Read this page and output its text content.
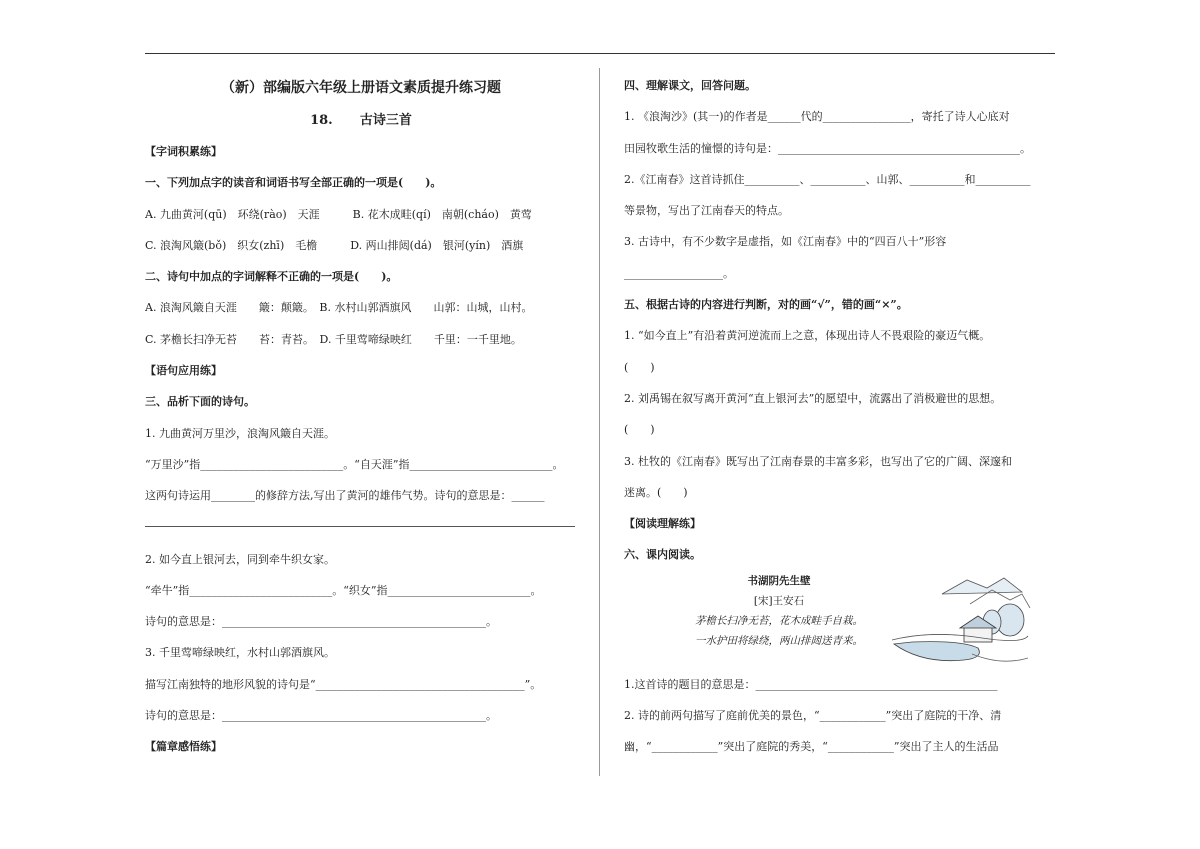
（新）部编版六年级上册语文素质提升练习题
18. 古诗三首
【字词积累练】
一、下列加点字的读音和词语书写全部正确的一项是(　　)。
A. 九曲黄河(qū)　环绕(rào)　天涯　　　B. 花木成畦(qí)　南朝(cháo)　黄莺
C. 浪淘风簸(bǒ)　织女(zhī)　毛檐　　　D. 两山排闼(dá)　银河(yín)　酒旗
二、诗句中加点的字词解释不正确的一项是(　　)。
A. 浪淘风簸自天涯　　簸：颠簸。　B. 水村山郭酒旗风　　山郭：山城，山村。
C. 茅檐长扫净无苔　　苔：青苔。　D. 千里莺啼绿映红　　千里：一千里地。
【语句应用练】
三、品析下面的诗句。
1. 九曲黄河万里沙，浪淘风簸自天涯。
“万里沙”指__________________________。“自天涯”指__________________________。
这两句诗运用________的修辞方法,写出了黄河的雄伟气势。诗句的意思是：______
2. 如今直上银河去，同到牵牛织女家。
“牵牛”指__________________________。“织女”指__________________________。
诗句的意思是：________________________________________________。
3. 千里莺啼绿映红，水村山郭酒旗风。
描写江南独特的地形风貌的诗句是“______________________________________”。
诗句的意思是：________________________________________________。
【篇章感悟练】
四、理解课文，回答问题。
1. 《浪淘沙》(其一)的作者是______代的________________，寄托了诗人心底对
田园牧歌生活的憧憬的诗句是：____________________________________________。
2.《江南春》这首诗抓住__________、__________、山郭、__________和__________
等景物，写出了江南春天的特点。
3. 古诗中，有不少数字是虚指，如《江南春》中的“四百八十”形容
__________________。
五、根据古诗的内容进行判断，对的画“√”，错的画“×”。
1. “如今直上”有沿着黄河逆流而上之意，体现出诗人不畏艰险的豪迈气概。
(　　)
2. 刘禹锡在叙写离开黄河“直上银河去”的愿望中，流露出了消极避世的思想。
(　　)
3. 杜牧的《江南春》既写出了江南春景的丰富多彩，也写出了它的广阔、深邃和
迷离。(　　)
【阅读理解练】
六、课内阅读。
书湖阴先生壁
[宋]王安石
茅檐长扫净无苔，花木成畦手自栽。
一水护田将绿绕，两山排闼送青来。
1.这首诗的题目的意思是：____________________________________________
2. 诗的前两句描写了庭前优美的景色，“____________”突出了庭院的干净、清
幽，“____________”突出了庭院的秀美，“____________”突出了主人的生活品
